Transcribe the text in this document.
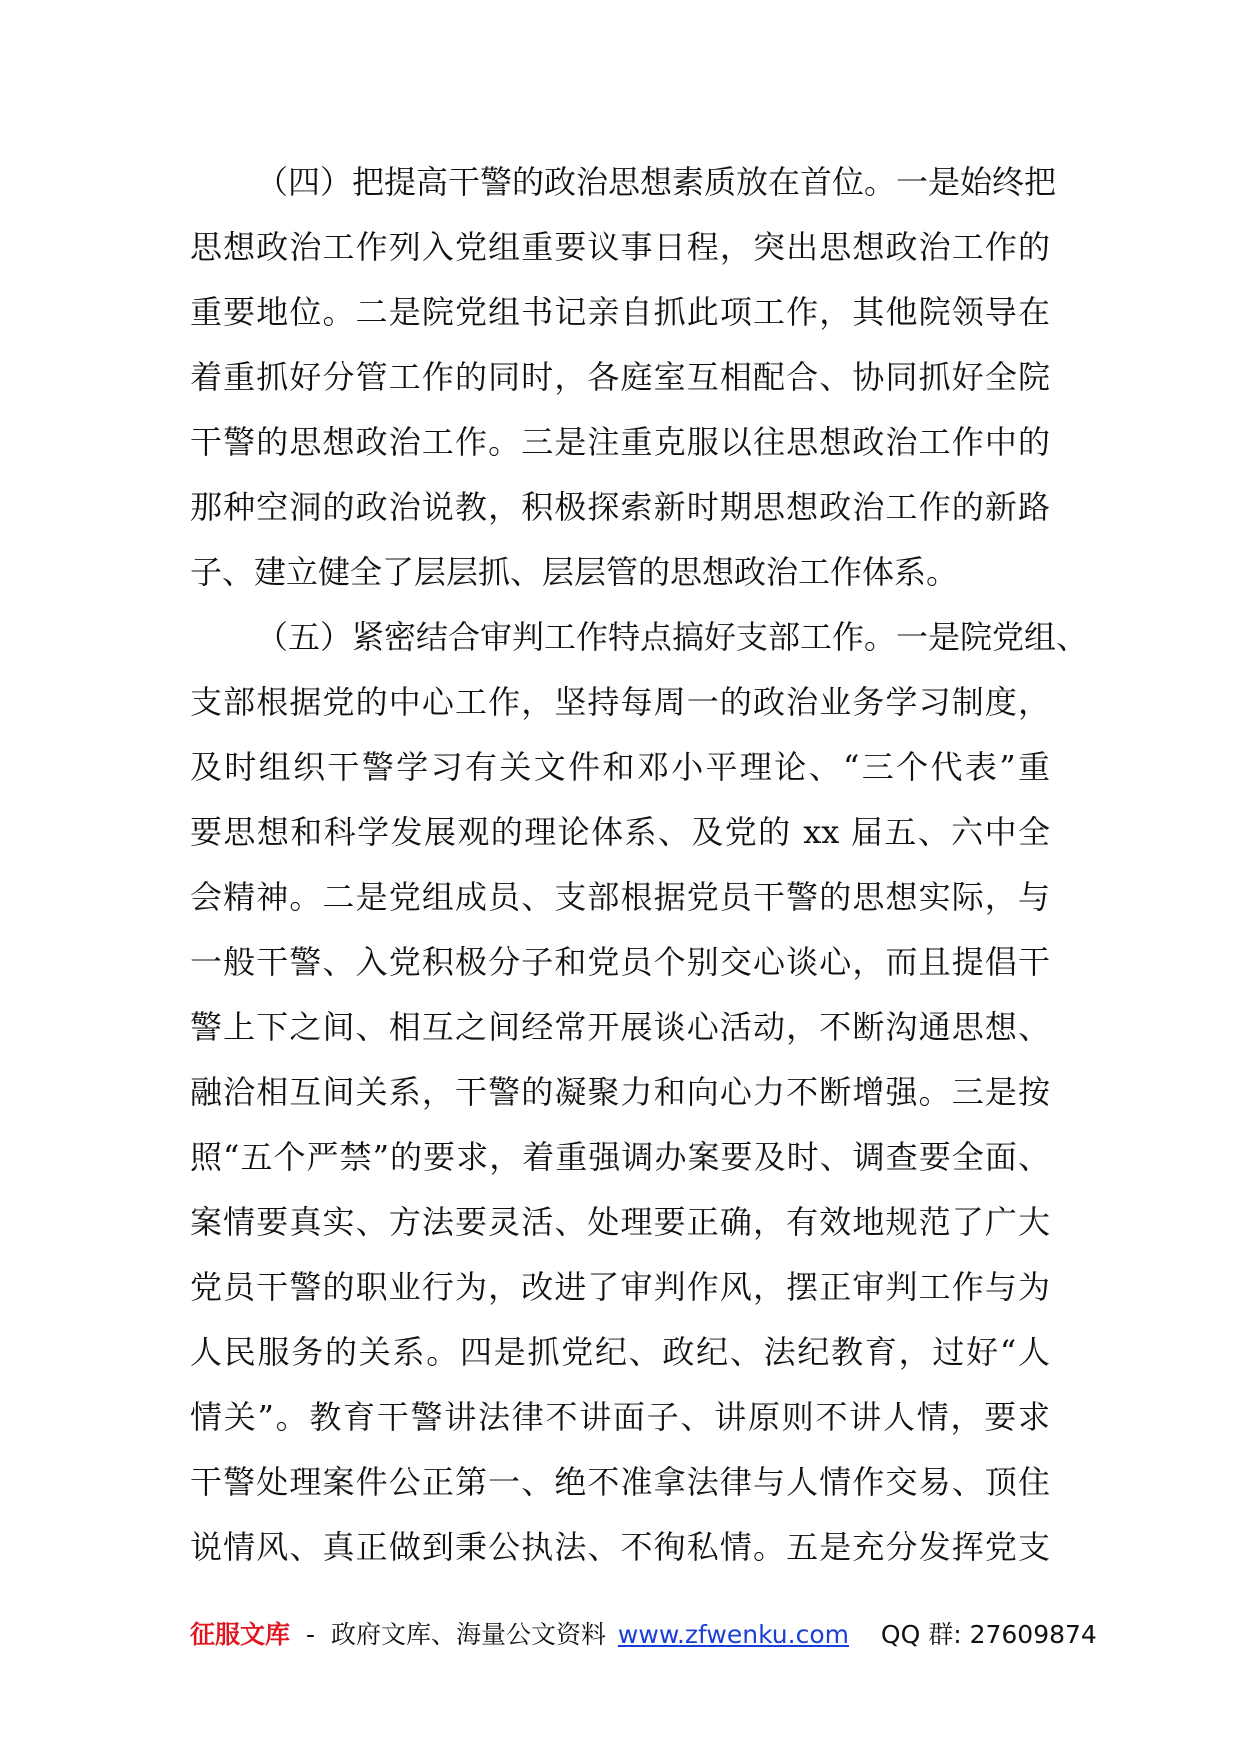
（四）把提高干警的政治思想素质放在首位。一是始终把
思想政治工作列入党组重要议事日程，突出思想政治工作的
重要地位。二是院党组书记亲自抓此项工作，其他院领导在
着重抓好分管工作的同时，各庭室互相配合、协同抓好全院
干警的思想政治工作。三是注重克服以往思想政治工作中的
那种空洞的政治说教，积极探索新时期思想政治工作的新路
子、建立健全了层层抓、层层管的思想政治工作体系。
（五）紧密结合审判工作特点搞好支部工作。一是院党组、
支部根据党的中心工作，坚持每周一的政治业务学习制度，
及时组织干警学习有关文件和邓小平理论、“三个代表”重
要思想和科学发展观的理论体系、及党的 xx 届五、六中全
会精神。二是党组成员、支部根据党员干警的思想实际，与
一般干警、入党积极分子和党员个别交心谈心，而且提倡干
警上下之间、相互之间经常开展谈心活动，不断沟通思想、
融洽相互间关系，干警的凝聚力和向心力不断增强。三是按
照“五个严禁”的要求，着重强调办案要及时、调查要全面、
案情要真实、方法要灵活、处理要正确，有效地规范了广大
党员干警的职业行为，改进了审判作风，摆正审判工作与为
人民服务的关系。四是抓党纪、政纪、法纪教育，过好“人
情关”。教育干警讲法律不讲面子、讲原则不讲人情，要求
干警处理案件公正第一、绝不准拿法律与人情作交易、顶住
说情风、真正做到秉公执法、不徇私情。五是充分发挥党支
征服文库 - 政府文库、海量公文资料 www.zfwenku.com QQ 群: 27609874
